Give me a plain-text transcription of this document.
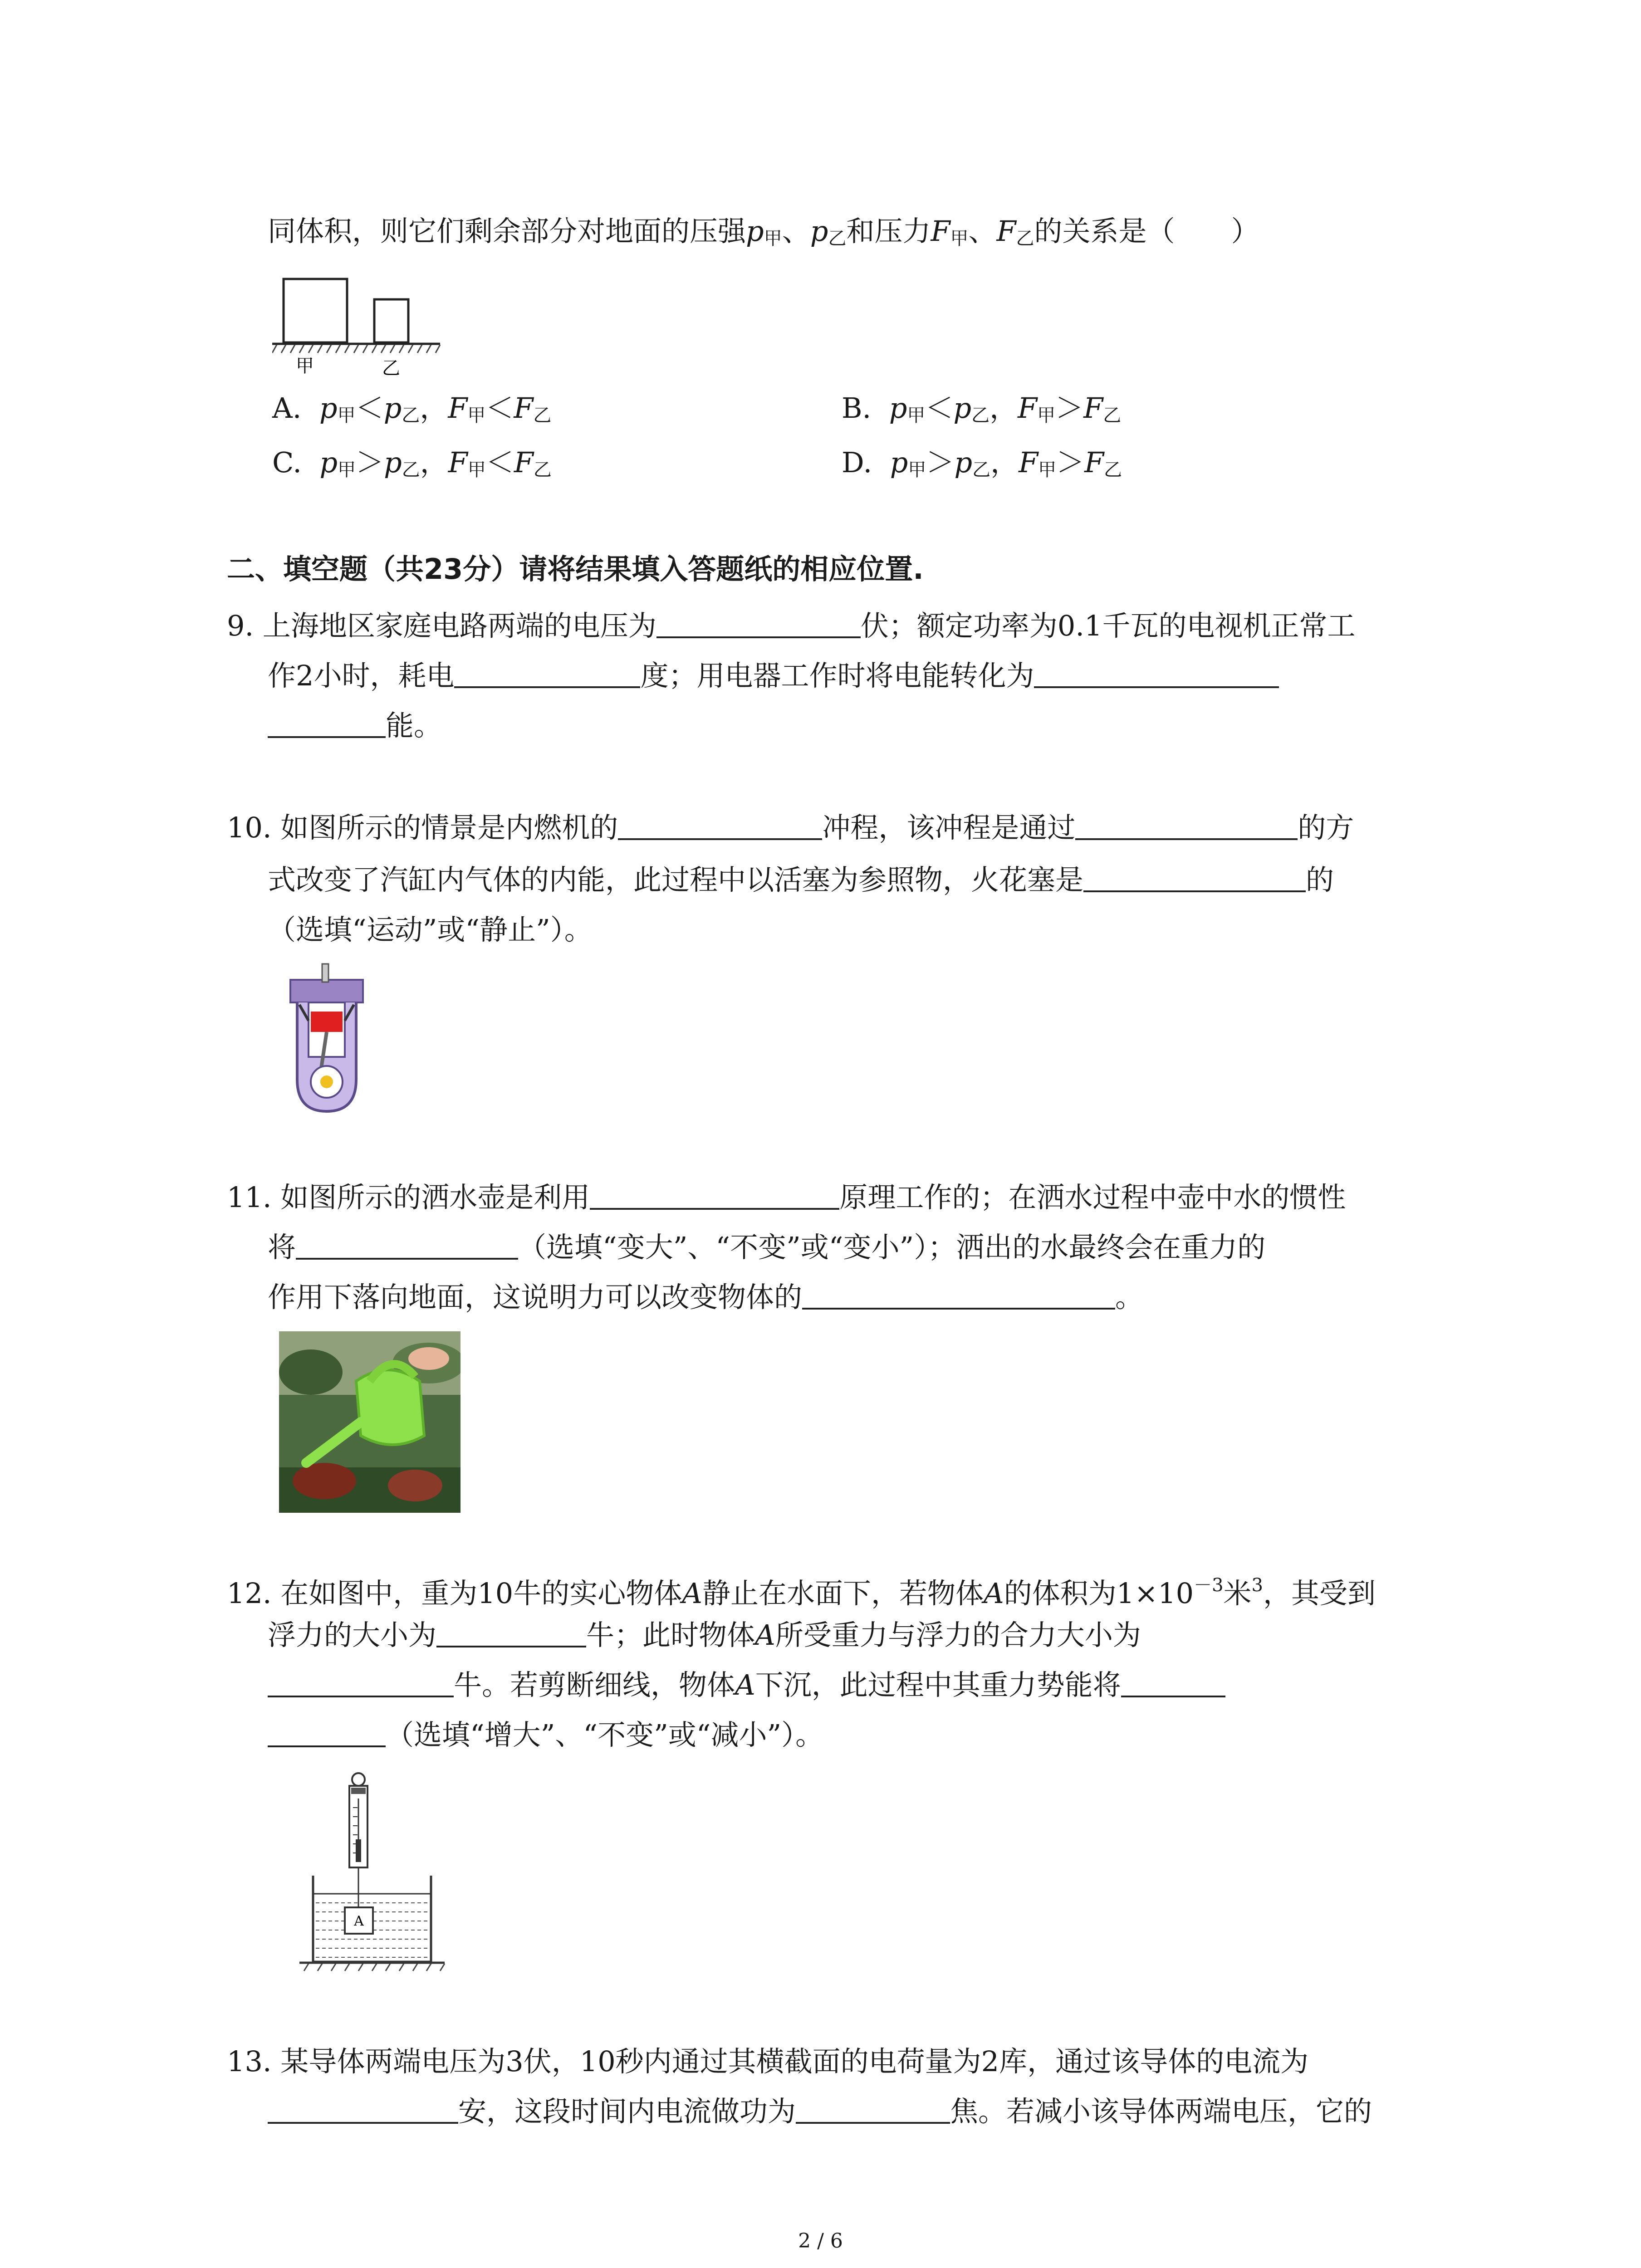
同体积，则它们剩余部分对地面的压强$p_甲$、$p_乙$和压力$F_甲$、$F_乙$的关系是（　　）
甲	乙
A. $p_甲<p_乙$，$F_甲<F_乙$	B. $p_甲<p_乙$，$F_甲>F_乙$
C. $p_甲>p_乙$，$F_甲<F_乙$	D. $p_甲>p_乙$，$F_甲>F_乙$
二、填空题（共23分）请将结果填入答题纸的相应位置.
9. 上海地区家庭电路两端的电压为	伏；额定功率为0.1千瓦的电视机正常工
作2小时，耗电	度；用电器工作时将电能转化为
能。
10. 如图所示的情景是内燃机的	冲程，该冲程是通过	的方
式改变了汽缸内气体的内能，此过程中以活塞为参照物，火花塞是	的
（选填“运动”或“静止”）。
11. 如图所示的洒水壶是利用	原理工作的；在洒水过程中壶中水的惯性
将	（选填“变大”、“不变”或“变小”）；洒出的水最终会在重力的
作用下落向地面，这说明力可以改变物体的	。
12. 在如图中，重为10牛的实心物体A静止在水面下，若物体A的体积为$1\times 10^{-3}$米$^3$，其受到
浮力的大小为	牛；此时物体A所受重力与浮力的合力大小为
牛。若剪断细线，物体A下沉，此过程中其重力势能将
（选填“增大”、“不变”或“减小”）。
A
13. 某导体两端电压为3伏，10秒内通过其横截面的电荷量为2库，通过该导体的电流为
安，这段时间内电流做功为	焦。若减小该导体两端电压，它的
2 / 6
